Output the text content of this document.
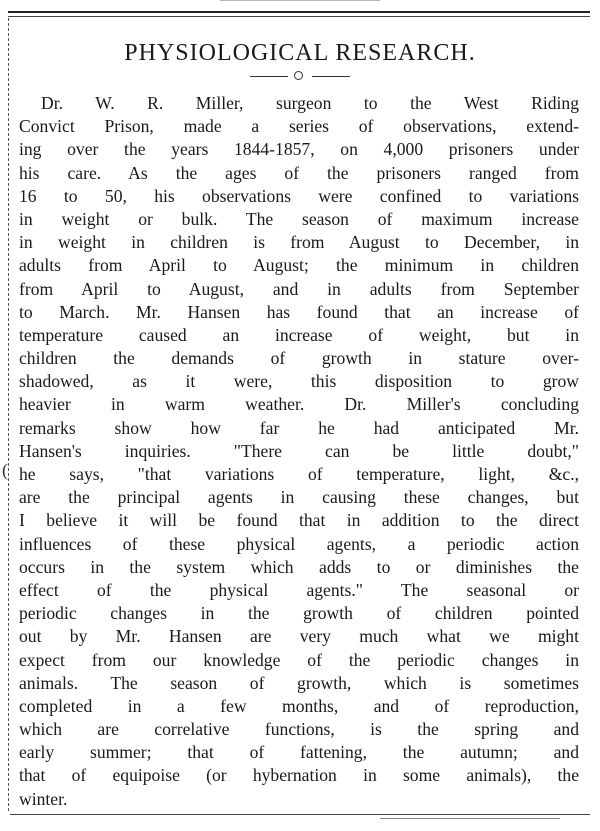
PHYSIOLOGICAL RESEARCH.
(
Dr. W. R. Miller, surgeon to the West Riding
Convict Prison, made a series of observations, extend-
ing over the years 1844-1857, on 4,000 prisoners under
his care. As the ages of the prisoners ranged from
16 to 50, his observations were confined to variations
in weight or bulk. The season of maximum increase
in weight in children is from August to December, in
adults from April to August; the minimum in children
from April to August, and in adults from September
to March. Mr. Hansen has found that an increase of
temperature caused an increase of weight, but in
children the demands of growth in stature over-
shadowed, as it were, this disposition to grow
heavier in warm weather. Dr. Miller's concluding
remarks show how far he had anticipated Mr.
Hansen's inquiries. "There can be little doubt,"
he says, "that variations of temperature, light, &c.,
are the principal agents in causing these changes, but
I believe it will be found that in addition to the direct
influences of these physical agents, a periodic action
occurs in the system which adds to or diminishes the
effect of the physical agents." The seasonal or
periodic changes in the growth of children pointed
out by Mr. Hansen are very much what we might
expect from our knowledge of the periodic changes in
animals. The season of growth, which is sometimes
completed in a few months, and of reproduction,
which are correlative functions, is the spring and
early summer; that of fattening, the autumn; and
that of equipoise (or hybernation in some animals), the
winter.
